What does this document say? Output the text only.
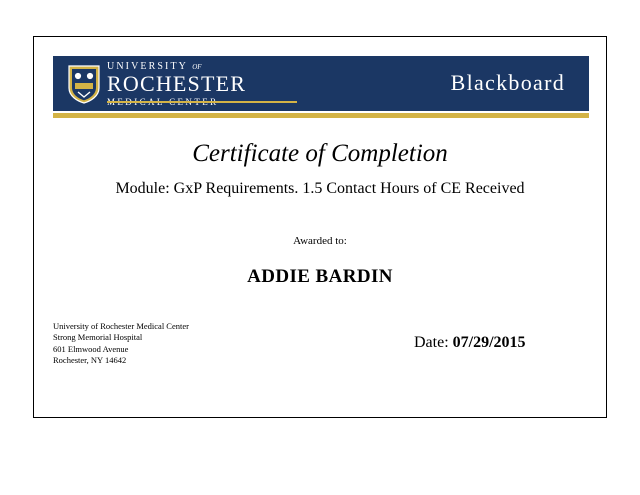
UNIVERSITY of
ROCHESTER	Blackboard
Certificate of Completion
Module: GxP Requirements. 1.5 Contact Hours of CE Received
Awarded to:
ADDIE BARDIN
University of Rochester Medical Center
Strong Memorial Hospital
601 Elmwood Avenue
Rochester, NY 14642
Date: 07/29/2015
